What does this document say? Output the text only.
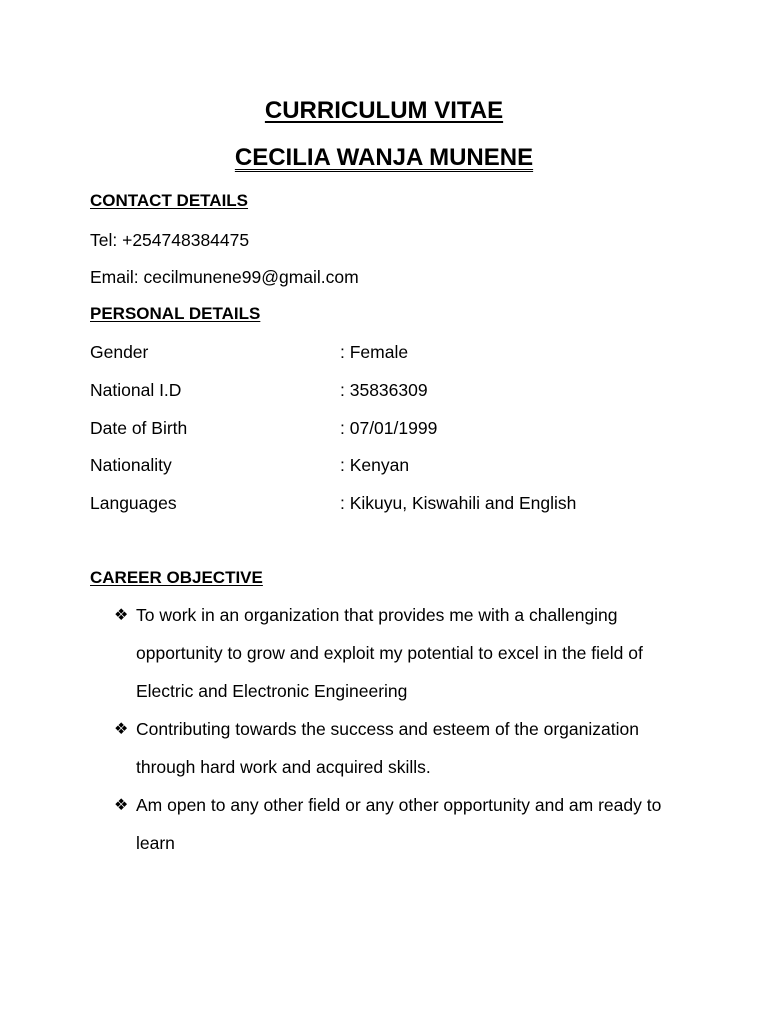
CURRICULUM VITAE
CECILIA WANJA MUNENE
CONTACT DETAILS
Tel: +254748384475
Email: cecilmunene99@gmail.com
PERSONAL DETAILS
Gender	: Female
National I.D	: 35836309
Date of Birth	: 07/01/1999
Nationality	: Kenyan
Languages	: Kikuyu, Kiswahili and English
CAREER OBJECTIVE
❖ To work in an organization that provides me with a challenging opportunity to grow and exploit my potential to excel in the field of Electric and Electronic Engineering
❖ Contributing towards the success and esteem of the organization through hard work and acquired skills.
❖ Am open to any other field or any other opportunity and am ready to learn
